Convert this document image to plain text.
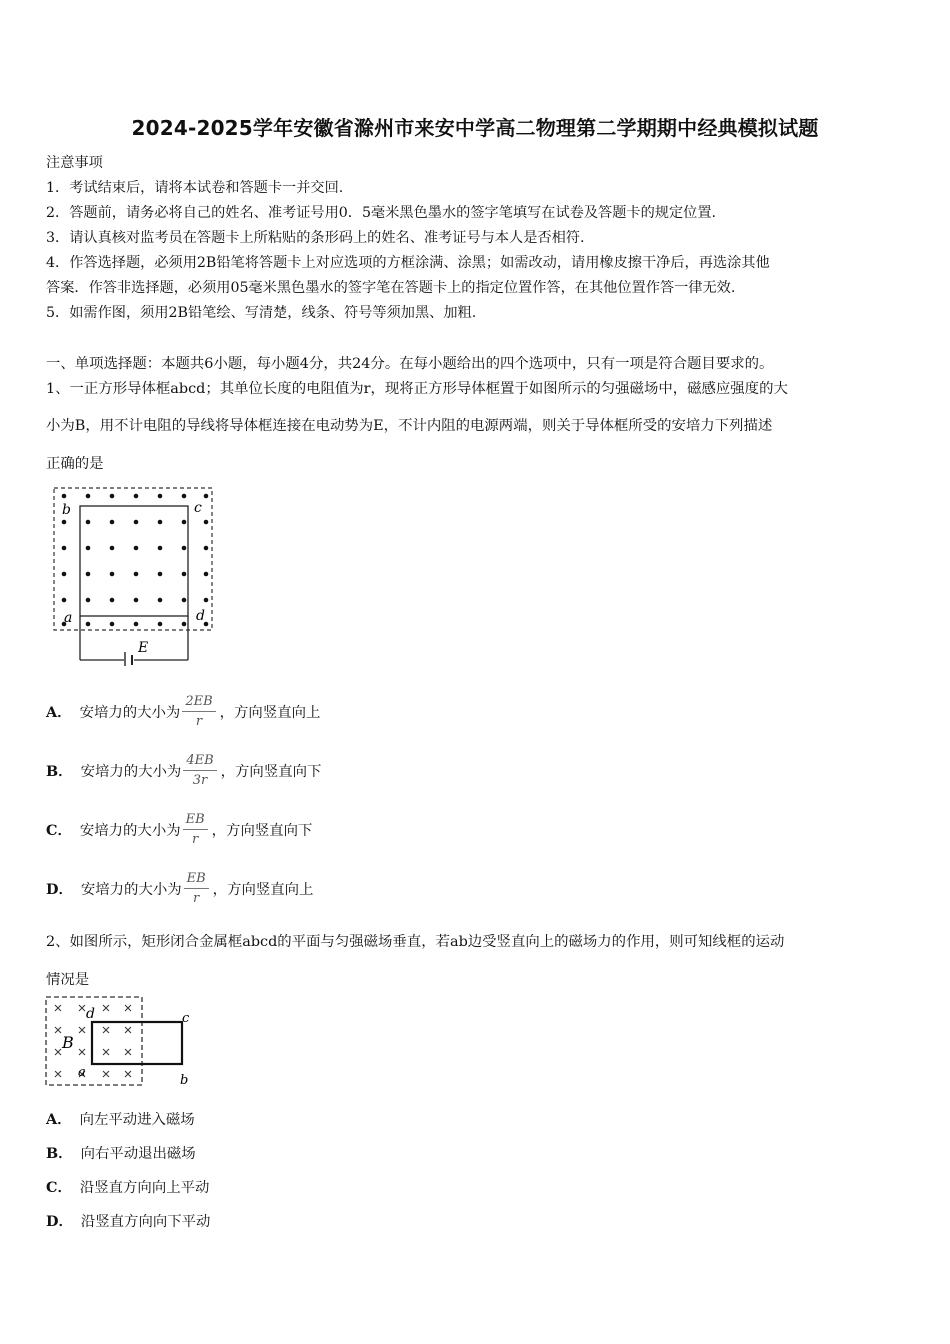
2024-2025学年安徽省滁州市来安中学高二物理第二学期期中经典模拟试题
注意事项
1．考试结束后，请将本试卷和答题卡一并交回.
2．答题前，请务必将自己的姓名、准考证号用0．5毫米黑色墨水的签字笔填写在试卷及答题卡的规定位置.
3．请认真核对监考员在答题卡上所粘贴的条形码上的姓名、准考证号与本人是否相符.
4．作答选择题，必须用2B铅笔将答题卡上对应选项的方框涂满、涂黑；如需改动，请用橡皮擦干净后，再选涂其他
答案．作答非选择题，必须用05毫米黑色墨水的签字笔在答题卡上的指定位置作答，在其他位置作答一律无效.
5．如需作图，须用2B铅笔绘、写清楚，线条、符号等须加黑、加粗.
一、单项选择题：本题共6小题，每小题4分，共24分。在每小题给出的四个选项中，只有一项是符合题目要求的。
1、一正方形导体框abcd；其单位长度的电阻值为r，现将正方形导体框置于如图所示的匀强磁场中，磁感应强度的大
小为B，用不计电阻的导线将导体框连接在电动势为E，不计内阻的电源两端，则关于导体框所受的安培力下列描述
正确的是
b	c
a	d
E
A． 安培力的大小为 $\frac{2EB}{r}$ ，方向竖直向上
B． 安培力的大小为 $\frac{4EB}{3r}$ ，方向竖直向下
C． 安培力的大小为 $\frac{EB}{r}$ ，方向竖直向下
D． 安培力的大小为 $\frac{EB}{r}$ ，方向竖直向上
2、如图所示，矩形闭合金属框abcd的平面与匀强磁场垂直，若ab边受竖直向上的磁场力的作用，则可知线框的运动
情况是
d	c
B
a
b
A． 向左平动进入磁场
B． 向右平动退出磁场
C． 沿竖直方向向上平动
D． 沿竖直方向向下平动
